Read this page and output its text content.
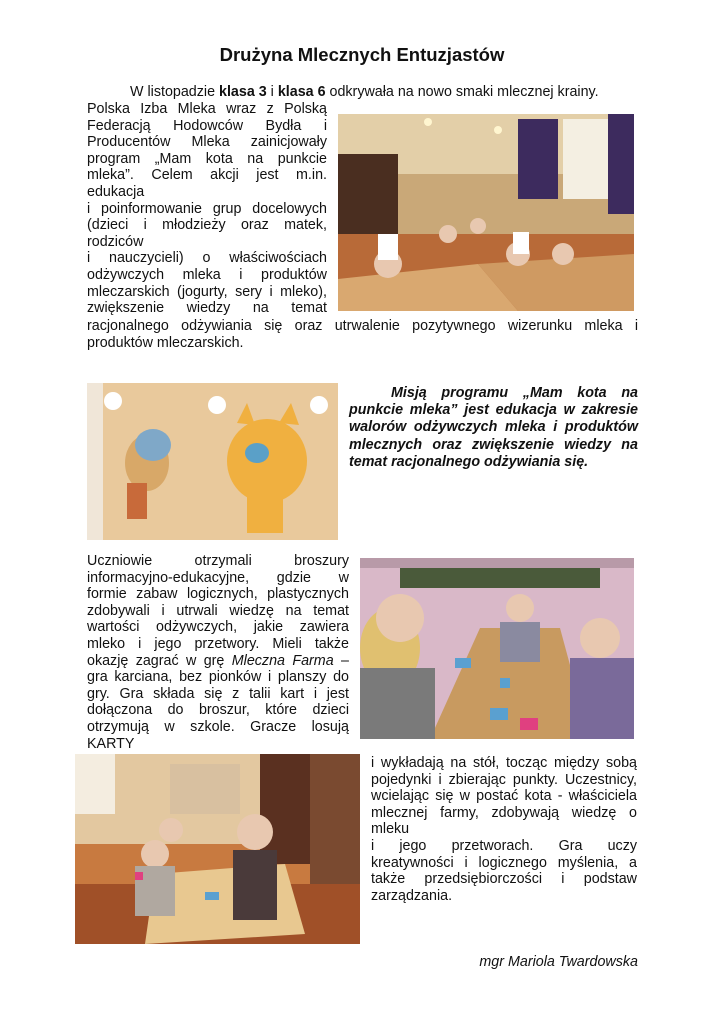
Drużyna Mlecznych Entuzjastów

W listopadzie klasa 3 i klasa 6 odkrywała na nowo smaki mlecznej krainy.

Polska Izba Mleka wraz z Polską

Federacją Hodowców Bydła i

Producentów Mleka zainicjowały

program „Mam kota na punkcie

mleka”. Celem akcji jest m.in.

edukacja

i poinformowanie grup docelowych

(dzieci i młodzieży oraz matek,

rodziców

i nauczycieli) o właściwościach

odżywczych mleka i produktów

mleczarskich (jogurty, sery i mleko),

zwiększenie wiedzy na temat

racjonalnego odżywiania się oraz utrwalenie pozytywnego wizerunku mleka i

produktów mleczarskich.

Misją programu „Mam kota na punkcie mleka” jest edukacja w zakresie walorów odżywczych mleka i produktów mlecznych oraz zwiększenie wiedzy na temat racjonalnego odżywiania się.

Uczniowie otrzymali broszury

informacyjno-edukacyjne, gdzie w

formie zabaw logicznych, plastycznych

zdobywali i utrwali wiedzę na temat

wartości odżywczych, jakie zawiera

mleko i jego przetwory. Mieli także

okazję zagrać w grę Mleczna Farma –

gra karciana, bez pionków i planszy do

gry. Gra składa się z talii kart i jest

dołączona do broszur, które dzieci

otrzymują w szkole. Gracze losują

KARTY

i wykładają na stół, tocząc między sobą

pojedynki i zbierając punkty. Uczestnicy,

wcielając się w postać kota - właściciela

mlecznej farmy, zdobywają wiedzę o

mleku

i jego przetworach. Gra uczy

kreatywności i logicznego myślenia, a

także przedsiębiorczości i podstaw

zarządzania.

mgr Mariola Twardowska
